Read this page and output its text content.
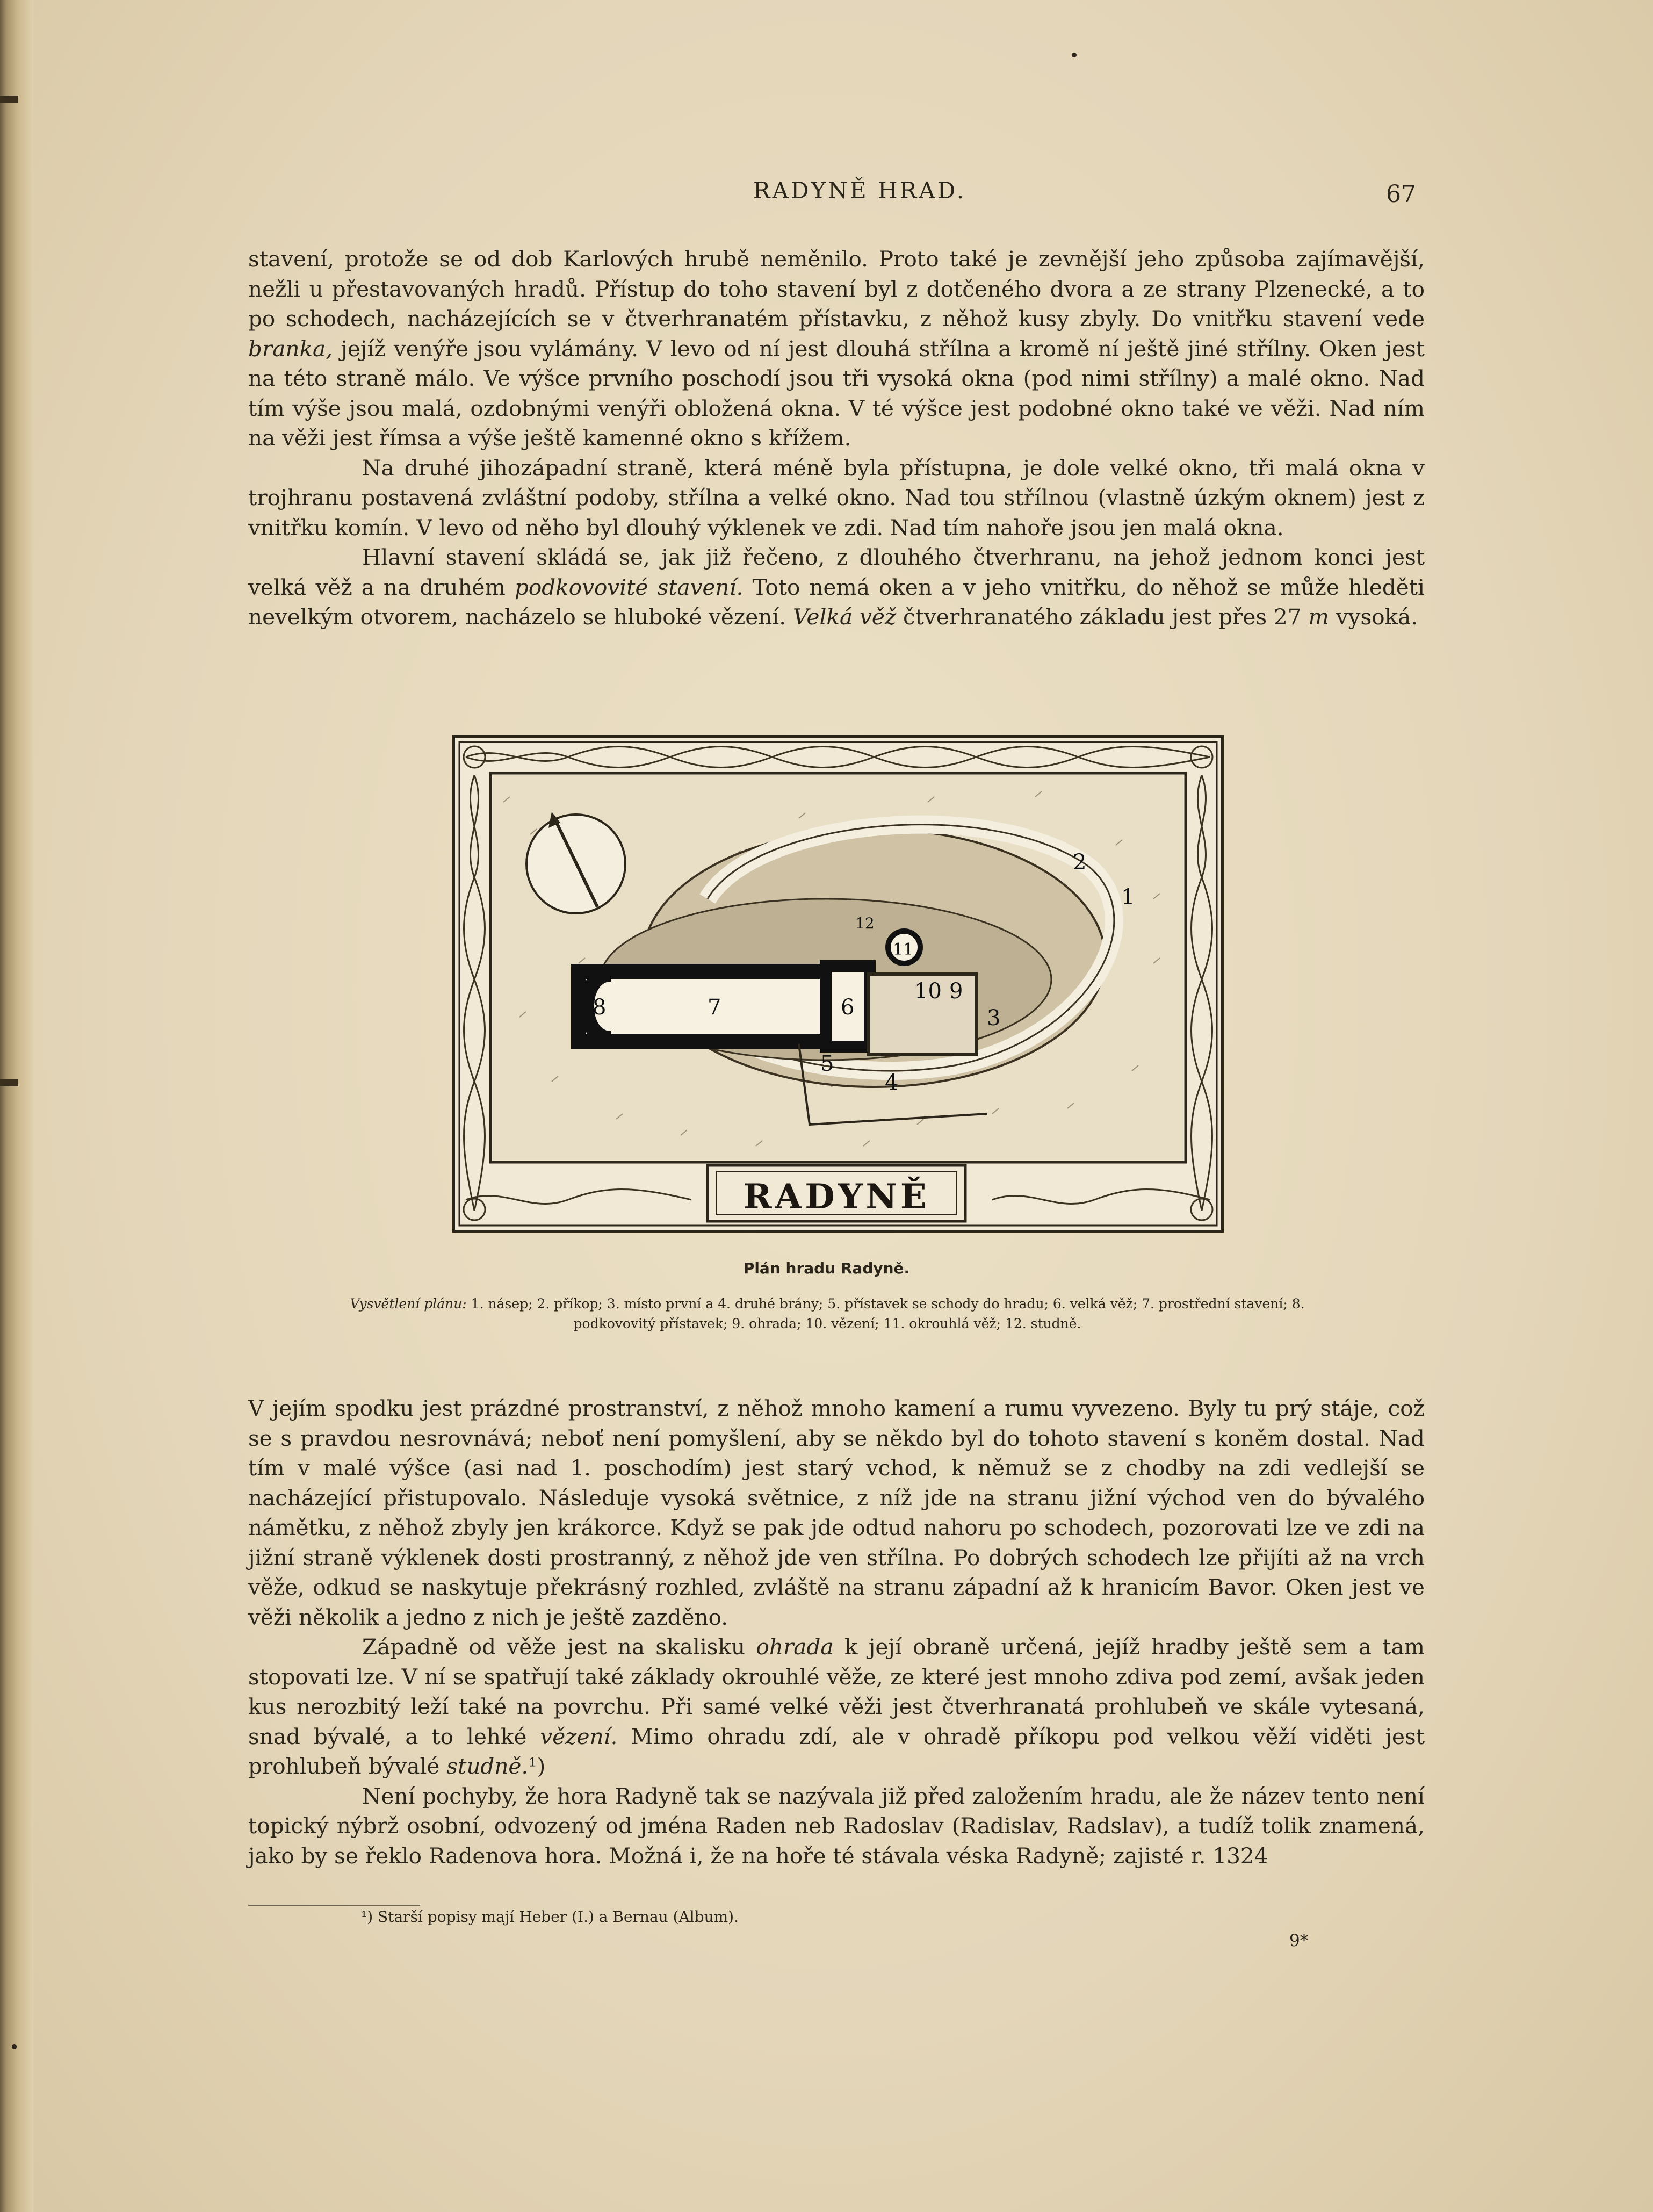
RADYNĚ HRAD.	67

stavení, protože se od dob Karlových hrubě neměnilo. Proto také je zevnější jeho způsoba zajímavější, nežli u přestavovaných hradů. Přístup do toho stavení byl z dotčeného dvora a ze strany Plzenecké, a to po schodech, nacházejících se v čtverhranatém přístavku, z něhož kusy zbyly. Do vnitřku stavení vede branka, jejíž venýře jsou vylámány. V levo od ní jest dlouhá střílna a kromě ní ještě jiné střílny. Oken jest na této straně málo. Ve výšce prvního poschodí jsou tři vysoká okna (pod nimi střílny) a malé okno. Nad tím výše jsou malá, ozdobnými venýři obložená okna. V té výšce jest podobné okno také ve věži. Nad ním na věži jest římsa a výše ještě kamenné okno s křížem.

Na druhé jihozápadní straně, která méně byla přístupna, je dole velké okno, tři malá okna v trojhranu postavená zvláštní podoby, střílna a velké okno. Nad tou střílnou (vlastně úzkým oknem) jest z vnitřku komín. V levo od něho byl dlouhý výklenek ve zdi. Nad tím nahoře jsou jen malá okna.

Hlavní stavení skládá se, jak již řečeno, z dlouhého čtverhranu, na jehož jednom konci jest velká věž a na druhém podkovovité stavení. Toto nemá oken a v jeho vnitřku, do něhož se může hleděti nevelkým otvorem, nacházelo se hluboké vězení. Velká věž čtverhranatého základu jest přes 27 m vysoká.

1
2
3
4
5
6
7
8
9
10
11
12
RADYNĚ
Plán hradu Radyně.
Vysvětlení plánu: 1. násep; 2. příkop; 3. místo první a 4. druhé brány; 5. přístavek se schody do hradu; 6. velká věž; 7. prostřední stavení; 8. podkovovitý přístavek; 9. ohrada; 10. vězení; 11. okrouhlá věž; 12. studně.

V jejím spodku jest prázdné prostranství, z něhož mnoho kamení a rumu vyvezeno. Byly tu prý stáje, což se s pravdou nesrovnává; neboť není pomyšlení, aby se někdo byl do tohoto stavení s koněm dostal. Nad tím v malé výšce (asi nad 1. poschodím) jest starý vchod, k němuž se z chodby na zdi vedlejší se nacházející přistupovalo. Následuje vysoká světnice, z níž jde na stranu jižní východ ven do bývalého námětku, z něhož zbyly jen krákorce. Když se pak jde odtud nahoru po schodech, pozorovati lze ve zdi na jižní straně výklenek dosti prostranný, z něhož jde ven střílna. Po dobrých schodech lze přijíti až na vrch věže, odkud se naskytuje překrásný rozhled, zvláště na stranu západní až k hranicím Bavor. Oken jest ve věži několik a jedno z nich je ještě zazděno.

Západně od věže jest na skalisku ohrada k její obraně určená, jejíž hradby ještě sem a tam stopovati lze. V ní se spatřují také základy okrouhlé věže, ze které jest mnoho zdiva pod zemí, avšak jeden kus nerozbitý leží také na povrchu. Při samé velké věži jest čtverhranatá prohlubeň ve skále vytesaná, snad bývalé, a to lehké vězení. Mimo ohradu zdí, ale v ohradě příkopu pod velkou věží viděti jest prohlubeň bývalé studně.¹)

Není pochyby, že hora Radyně tak se nazývala již před založením hradu, ale že název tento není topický nýbrž osobní, odvozený od jména Raden neb Radoslav (Radislav, Radslav), a tudíž tolik znamená, jako by se řeklo Radenova hora. Možná i, že na hoře té stávala véska Radyně; zajisté r. 1324

¹) Starší popisy mají Heber (I.) a Bernau (Album).
9*
